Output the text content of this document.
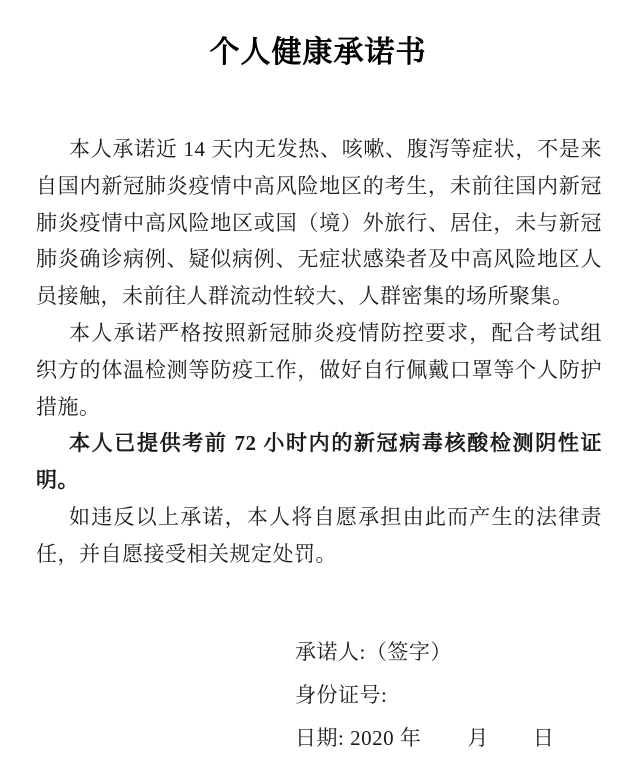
个人健康承诺书

本人承诺近 14 天内无发热、咳嗽、腹泻等症状，不是来自国内新冠肺炎疫情中高风险地区的考生，未前往国内新冠肺炎疫情中高风险地区或国（境）外旅行、居住，未与新冠肺炎确诊病例、疑似病例、无症状感染者及中高风险地区人员接触，未前往人群流动性较大、人群密集的场所聚集。

本人承诺严格按照新冠肺炎疫情防控要求，配合考试组织方的体温检测等防疫工作，做好自行佩戴口罩等个人防护措施。

本人已提供考前 72 小时内的新冠病毒核酸检测阴性证明。

如违反以上承诺，本人将自愿承担由此而产生的法律责任，并自愿接受相关规定处罚。

承诺人:（签字）
身份证号:
日期: 2020 年 月 日
